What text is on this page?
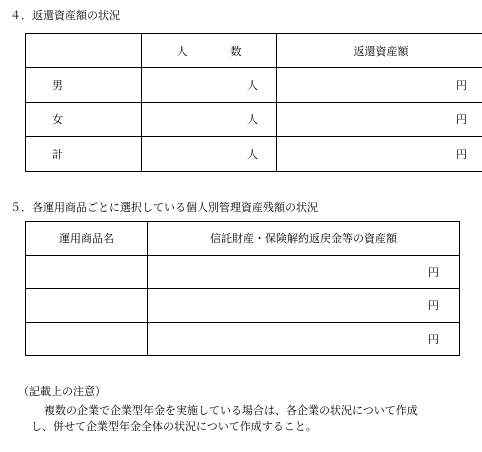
４．返還資産額の状況
	人　数	返還資産額
男	人	円
女	人	円
計	人	円
５．各運用商品ごとに選択している個人別管理資産残額の状況
運用商品名	信託財産・保険解約返戻金等の資産額
	円
	円
	円
（記載上の注意）
複数の企業で企業型年金を実施している場合は、各企業の状況について作成
し、併せて企業型年金全体の状況について作成すること。
